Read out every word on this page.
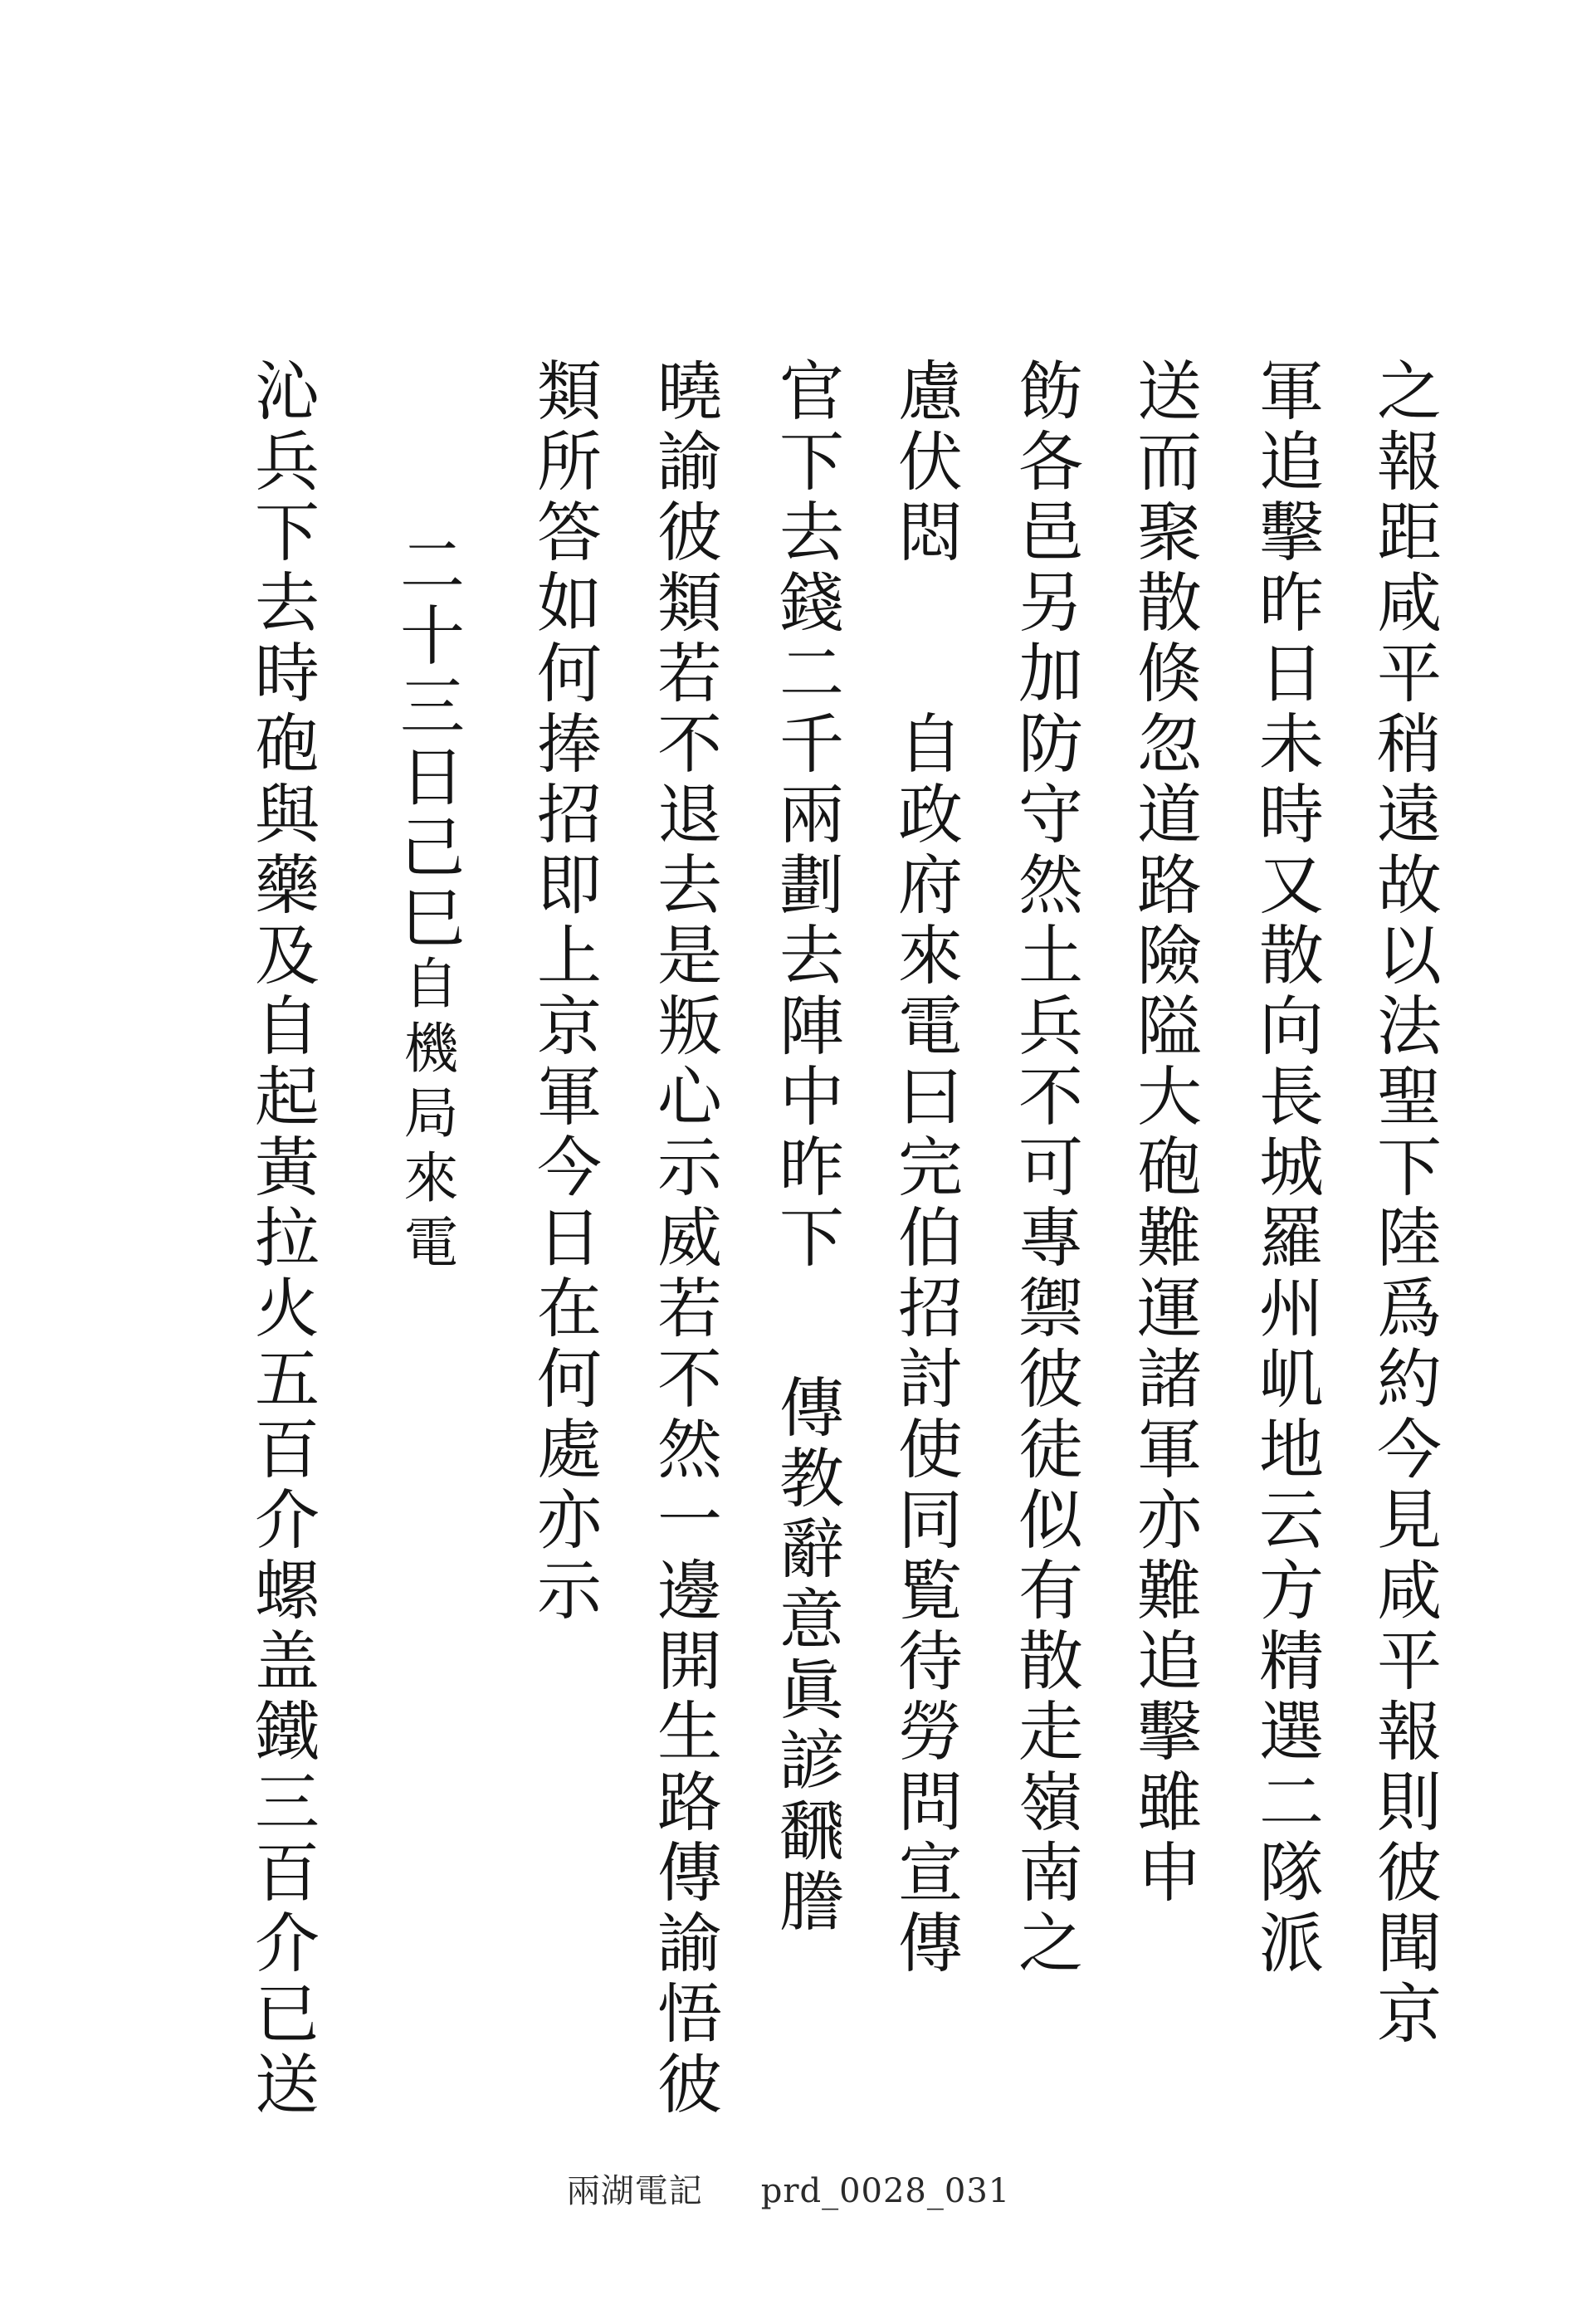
之報距咸平稍遠故以法聖下陸爲約今見咸平報則彼聞京
軍追擊昨日未時又散向長城羅州㞦地云方精選二隊派
送而聚散倏忽道路險隘大砲難運諸軍亦難追擊雖申
飭各邑另加防守然土兵不可專禦彼徒似有散走嶺南之
慮伏悶
自政府來電曰完伯招討使同覧待勞問宣傳
官下去錢二千兩劃去陣中昨下
傳教辭意眞諺飜謄
曉諭彼類若不退去是叛心示威若不然一邊開生路傳諭悟彼
類所答如何捧招即上京軍今日在何處亦示
二十三日己巳
自機局來電
沁兵下去時砲與藥及自起黃拉火五百介螺盖鐵三百介已送
兩湖電記 prd_0028_031
